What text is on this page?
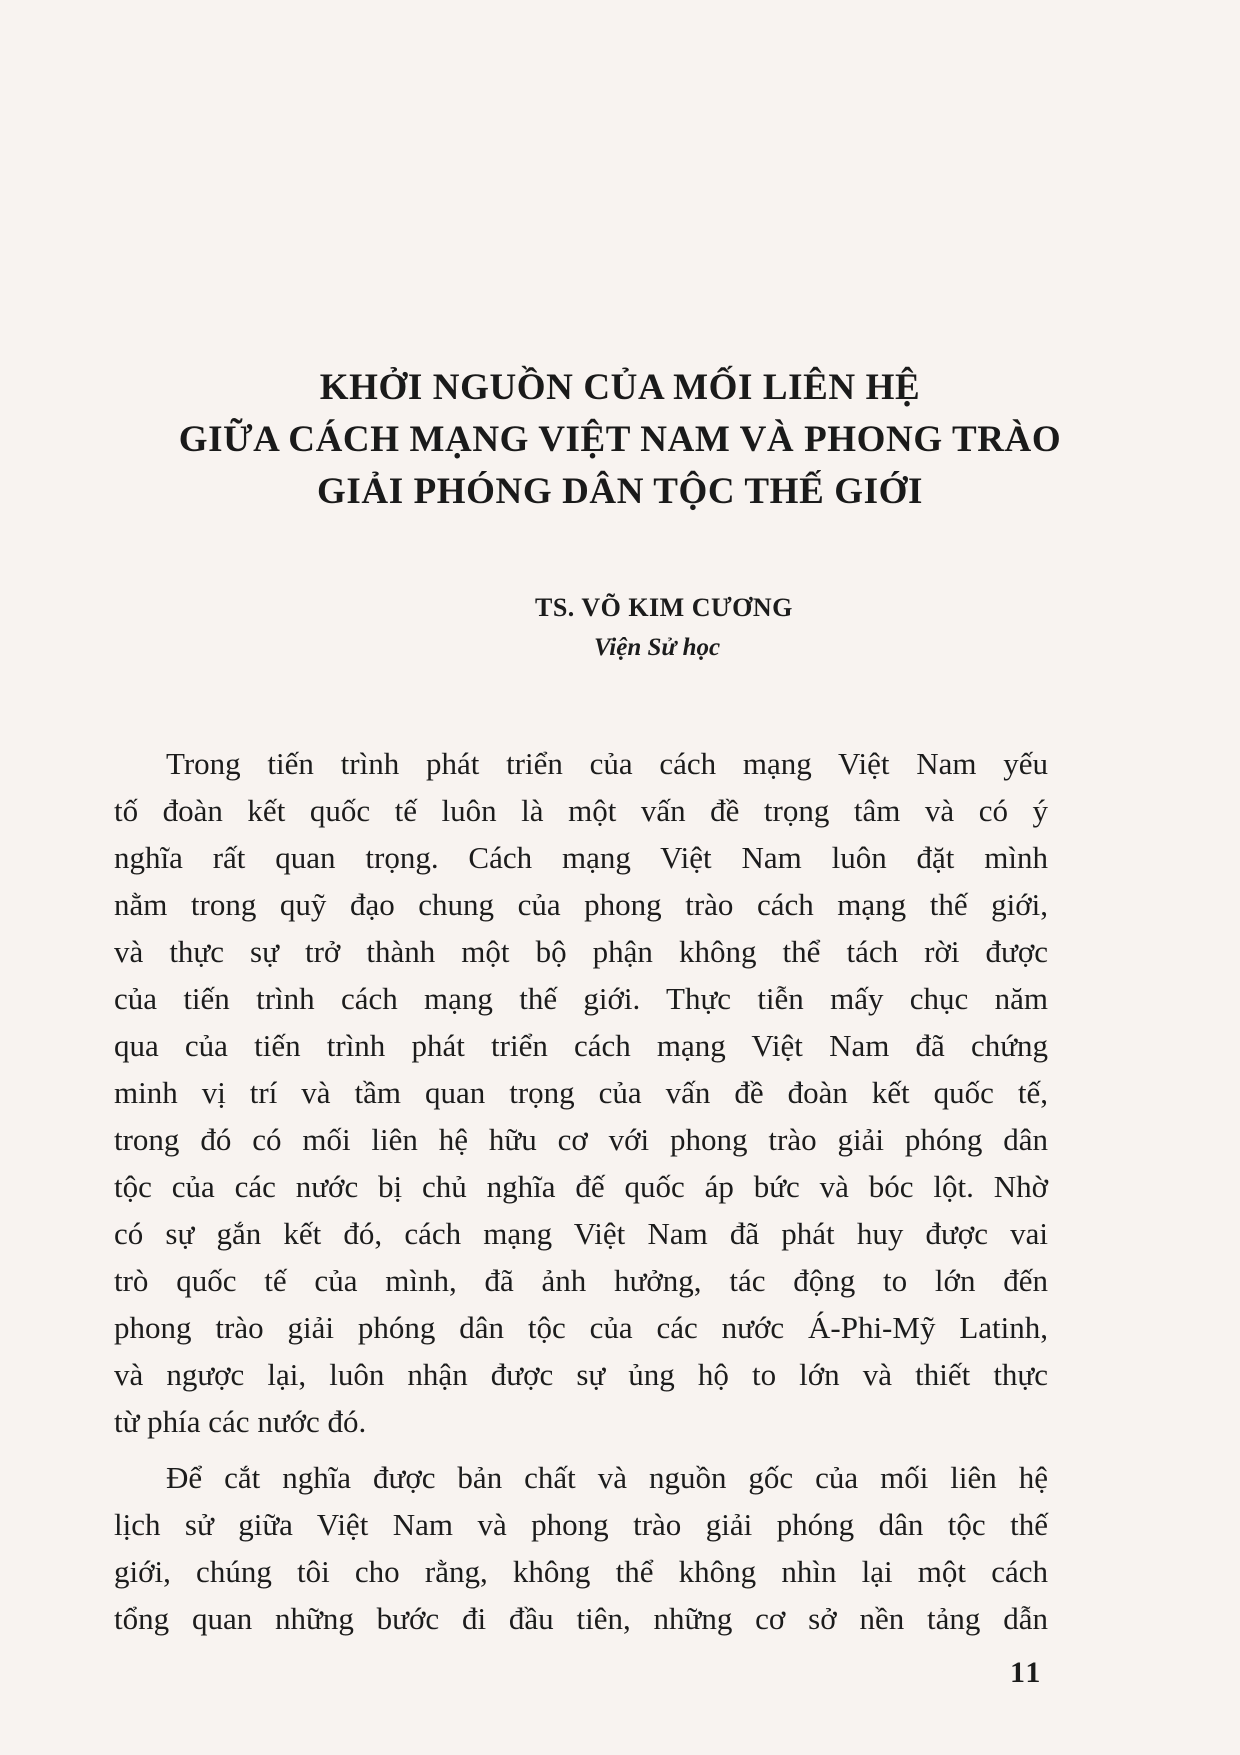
KHỞI NGUỒN CỦA MỐI LIÊN HỆ
GIỮA CÁCH MẠNG VIỆT NAM VÀ PHONG TRÀO
GIẢI PHÓNG DÂN TỘC THẾ GIỚI
TS. VÕ KIM CƯƠNG
Viện Sử học
Trong tiến trình phát triển của cách mạng Việt Nam yếu
tố đoàn kết quốc tế luôn là một vấn đề trọng tâm và có ý
nghĩa rất quan trọng. Cách mạng Việt Nam luôn đặt mình
nằm trong quỹ đạo chung của phong trào cách mạng thế giới,
và thực sự trở thành một bộ phận không thể tách rời được
của tiến trình cách mạng thế giới. Thực tiễn mấy chục năm
qua của tiến trình phát triển cách mạng Việt Nam đã chứng
minh vị trí và tầm quan trọng của vấn đề đoàn kết quốc tế,
trong đó có mối liên hệ hữu cơ với phong trào giải phóng dân
tộc của các nước bị chủ nghĩa đế quốc áp bức và bóc lột. Nhờ
có sự gắn kết đó, cách mạng Việt Nam đã phát huy được vai
trò quốc tế của mình, đã ảnh hưởng, tác động to lớn đến
phong trào giải phóng dân tộc của các nước Á-Phi-Mỹ Latinh,
và ngược lại, luôn nhận được sự ủng hộ to lớn và thiết thực
từ phía các nước đó.
Để cắt nghĩa được bản chất và nguồn gốc của mối liên hệ
lịch sử giữa Việt Nam và phong trào giải phóng dân tộc thế
giới, chúng tôi cho rằng, không thể không nhìn lại một cách
tổng quan những bước đi đầu tiên, những cơ sở nền tảng dẫn
11
